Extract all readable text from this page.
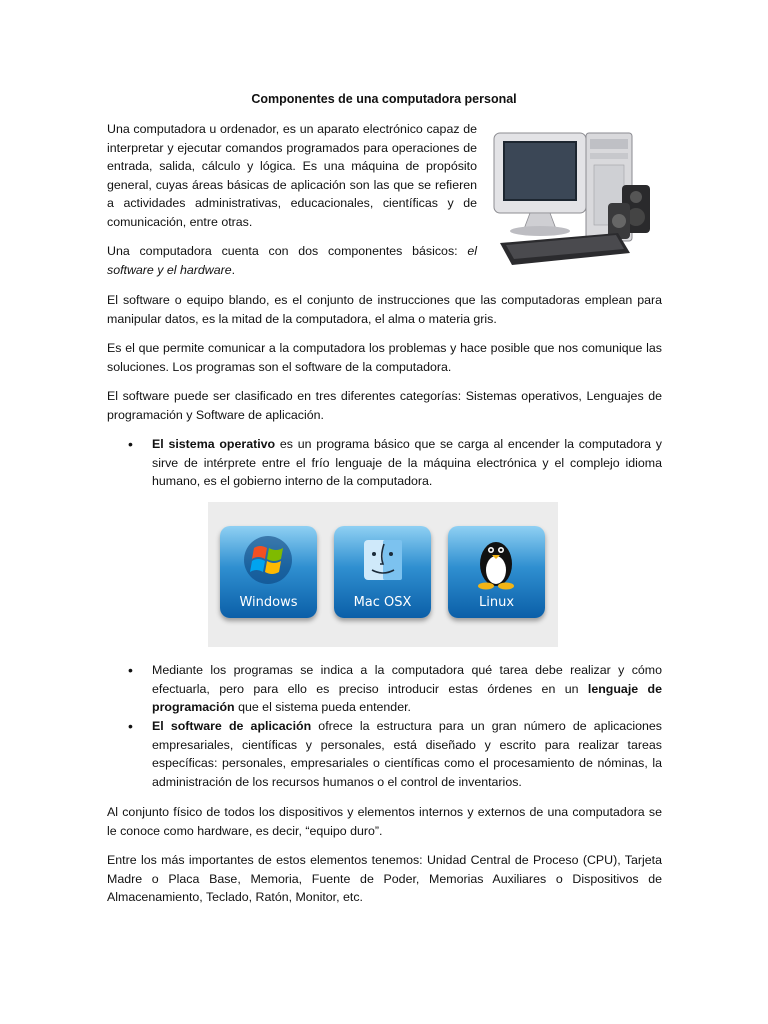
Componentes de una computadora personal

Una computadora u ordenador, es un aparato electrónico capaz de interpretar y ejecutar comandos programados para operaciones de entrada, salida, cálculo y lógica. Es una máquina de propósito general, cuyas áreas básicas de aplicación son las que se refieren a actividades administrativas, educacionales, científicas y de comunicación, entre otras.

Una computadora cuenta con dos componentes básicos: el software y el hardware.

El software o equipo blando, es el conjunto de instrucciones que las computadoras emplean para manipular datos, es la mitad de la computadora, el alma o materia gris.

Es el que permite comunicar a la computadora los problemas y hace posible que nos comunique las soluciones. Los programas son el software de la computadora.

El software puede ser clasificado en tres diferentes categorías: Sistemas operativos, Lenguajes de programación y Software de aplicación.

• El sistema operativo es un programa básico que se carga al encender la computadora y sirve de intérprete entre el frío lenguaje de la máquina electrónica y el complejo idioma humano, es el gobierno interno de la computadora.

Windows	Mac OSX	Linux
• Mediante los programas se indica a la computadora qué tarea debe realizar y cómo efectuarla, pero para ello es preciso introducir estas órdenes en un lenguaje de programación que el sistema pueda entender.

• El software de aplicación ofrece la estructura para un gran número de aplicaciones empresariales, científicas y personales, está diseñado y escrito para realizar tareas específicas: personales, empresariales o científicas como el procesamiento de nóminas, la administración de los recursos humanos o el control de inventarios.

Al conjunto físico de todos los dispositivos y elementos internos y externos de una computadora se le conoce como hardware, es decir, “equipo duro”.

Entre los más importantes de estos elementos tenemos: Unidad Central de Proceso (CPU), Tarjeta Madre o Placa Base, Memoria, Fuente de Poder, Memorias Auxiliares o Dispositivos de Almacenamiento, Teclado, Ratón, Monitor, etc.
